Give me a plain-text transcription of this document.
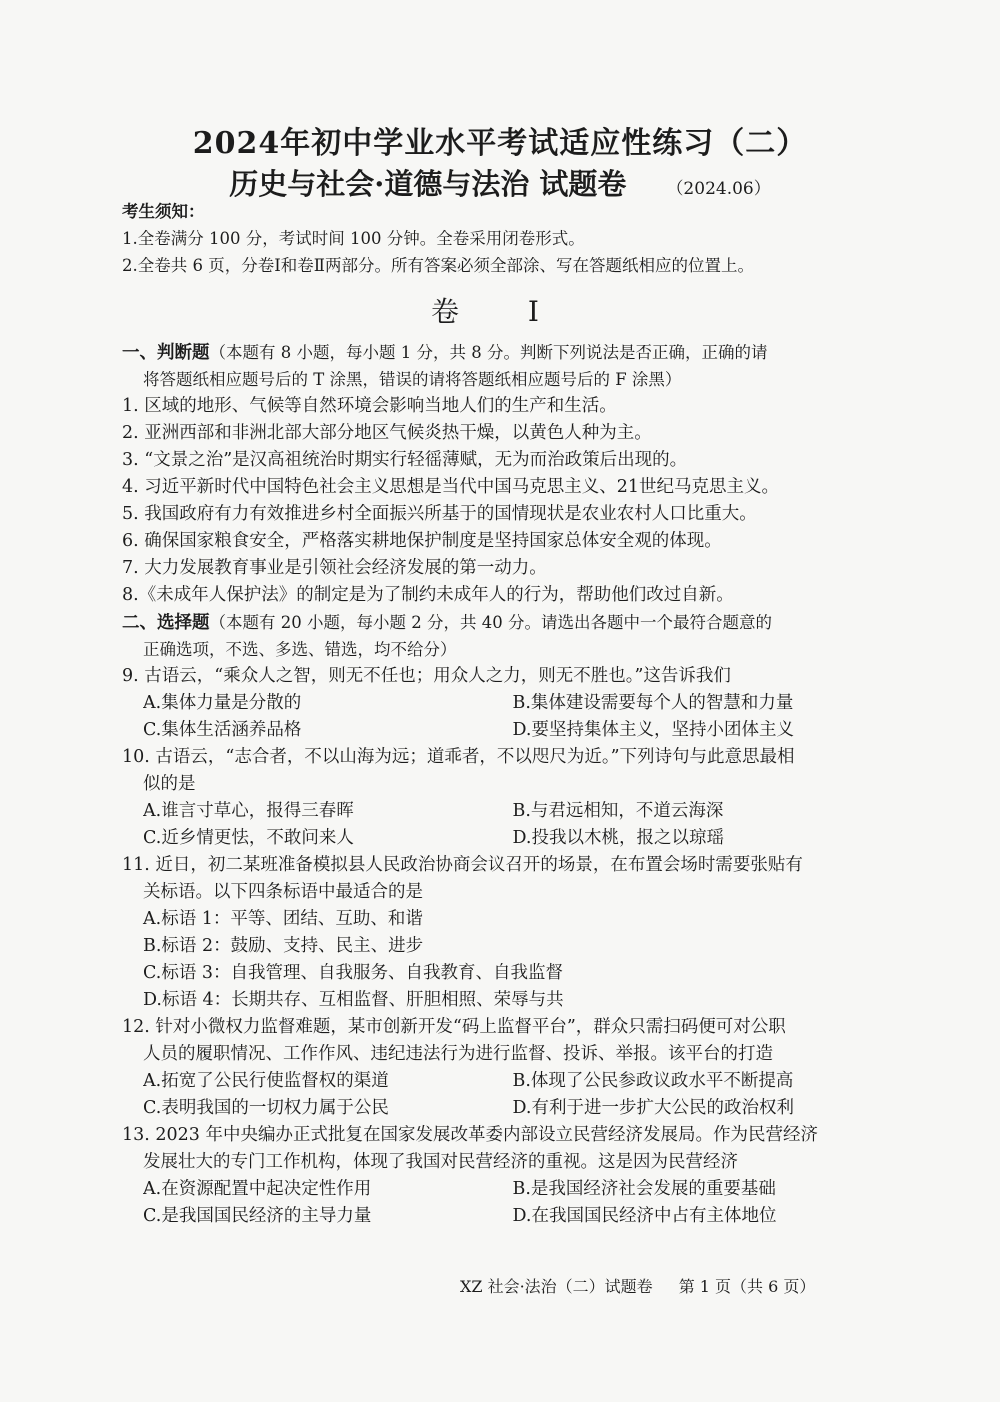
2024年初中学业水平考试适应性练习（二）
历史与社会·道德与法治 试题卷 （2024.06）
考生须知：
1.全卷满分 100 分，考试时间 100 分钟。全卷采用闭卷形式。
2.全卷共 6 页，分卷Ⅰ和卷Ⅱ两部分。所有答案必须全部涂、写在答题纸相应的位置上。
卷 Ⅰ
一、判断题（本题有 8 小题，每小题 1 分，共 8 分。判断下列说法是否正确，正确的请
将答题纸相应题号后的 T 涂黑，错误的请将答题纸相应题号后的 F 涂黑）
1. 区域的地形、气候等自然环境会影响当地人们的生产和生活。
2. 亚洲西部和非洲北部大部分地区气候炎热干燥，以黄色人种为主。
3. “文景之治”是汉高祖统治时期实行轻徭薄赋，无为而治政策后出现的。
4. 习近平新时代中国特色社会主义思想是当代中国马克思主义、21世纪马克思主义。
5. 我国政府有力有效推进乡村全面振兴所基于的国情现状是农业农村人口比重大。
6. 确保国家粮食安全，严格落实耕地保护制度是坚持国家总体安全观的体现。
7. 大力发展教育事业是引领社会经济发展的第一动力。
8.《未成年人保护法》的制定是为了制约未成年人的行为，帮助他们改过自新。
二、选择题（本题有 20 小题，每小题 2 分，共 40 分。请选出各题中一个最符合题意的
正确选项，不选、多选、错选，均不给分）
9. 古语云，“乘众人之智，则无不任也；用众人之力，则无不胜也。”这告诉我们
A.集体力量是分散的	B.集体建设需要每个人的智慧和力量
C.集体生活涵养品格	D.要坚持集体主义，坚持小团体主义
10. 古语云，“志合者，不以山海为远；道乖者，不以咫尺为近。”下列诗句与此意思最相
似的是
A.谁言寸草心，报得三春晖	B.与君远相知，不道云海深
C.近乡情更怯，不敢问来人	D.投我以木桃，报之以琼瑶
11. 近日，初二某班准备模拟县人民政治协商会议召开的场景，在布置会场时需要张贴有
关标语。以下四条标语中最适合的是
A.标语 1：平等、团结、互助、和谐
B.标语 2：鼓励、支持、民主、进步
C.标语 3：自我管理、自我服务、自我教育、自我监督
D.标语 4：长期共存、互相监督、肝胆相照、荣辱与共
12. 针对小微权力监督难题，某市创新开发“码上监督平台”，群众只需扫码便可对公职
人员的履职情况、工作作风、违纪违法行为进行监督、投诉、举报。该平台的打造
A.拓宽了公民行使监督权的渠道	B.体现了公民参政议政水平不断提高
C.表明我国的一切权力属于公民	D.有利于进一步扩大公民的政治权利
13. 2023 年中央编办正式批复在国家发展改革委内部设立民营经济发展局。作为民营经济
发展壮大的专门工作机构，体现了我国对民营经济的重视。这是因为民营经济
A.在资源配置中起决定性作用	B.是我国经济社会发展的重要基础
C.是我国国民经济的主导力量	D.在我国国民经济中占有主体地位
XZ 社会·法治（二）试题卷 第 1 页（共 6 页）
